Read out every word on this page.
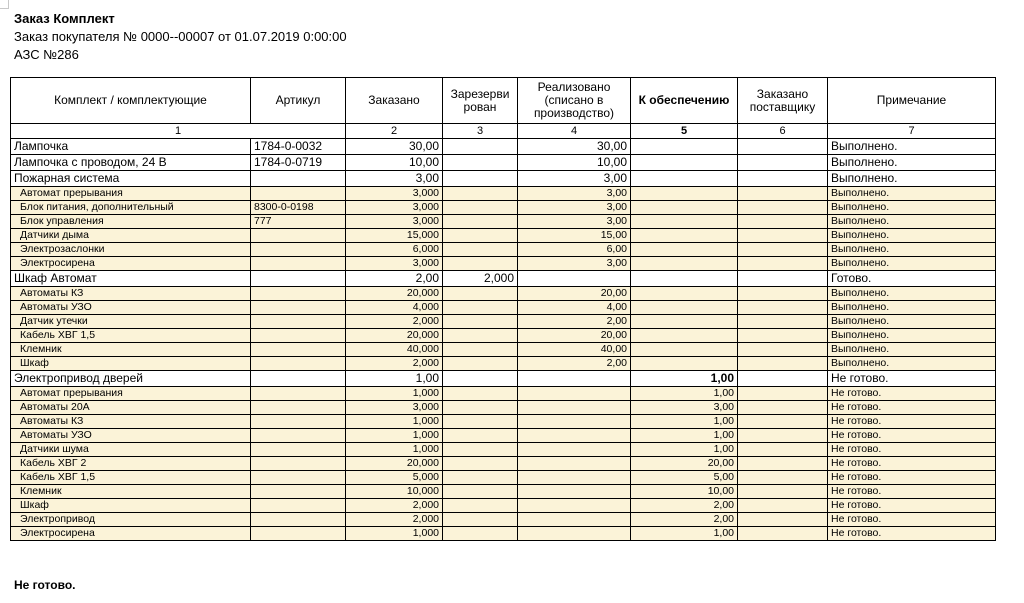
Заказ Комплект
Заказ покупателя № 0000--00007 от 01.07.2019 0:00:00
АЗС №286
Комплект / комплектующие	Артикул	Заказано	Зарезерви рован	Реализовано (списано в производство)	К обеспечению	Заказано поставщику	Примечание
1		2	3	4	5	6	7
Лампочка	1784-0-0032	30,00		30,00			Выполнено.
Лампочка с проводом, 24 В	1784-0-0719	10,00		10,00			Выполнено.
Пожарная система		3,00		3,00			Выполнено.
Автомат прерывания		3,000		3,00			Выполнено.
Блок питания, дополнительный	8300-0-0198	3,000		3,00			Выполнено.
Блок управления	777	3,000		3,00			Выполнено.
Датчики дыма		15,000		15,00			Выполнено.
Электрозаслонки		6,000		6,00			Выполнено.
Электросирена		3,000		3,00			Выполнено.
Шкаф Автомат		2,00	2,000				Готово.
Автоматы КЗ		20,000		20,00			Выполнено.
Автоматы УЗО		4,000		4,00			Выполнено.
Датчик утечки		2,000		2,00			Выполнено.
Кабель ХВГ 1,5		20,000		20,00			Выполнено.
Клемник		40,000		40,00			Выполнено.
Шкаф		2,000		2,00			Выполнено.
Электропривод дверей		1,00			1,00		Не готово.
Автомат прерывания		1,000			1,00		Не готово.
Автоматы 20А		3,000			3,00		Не готово.
Автоматы КЗ		1,000			1,00		Не готово.
Автоматы УЗО		1,000			1,00		Не готово.
Датчики шума		1,000			1,00		Не готово.
Кабель ХВГ 2		20,000			20,00		Не готово.
Кабель ХВГ 1,5		5,000			5,00		Не готово.
Клемник		10,000			10,00		Не готово.
Шкаф		2,000			2,00		Не готово.
Электропривод		2,000			2,00		Не готово.
Электросирена		1,000			1,00		Не готово.
Не готово.
